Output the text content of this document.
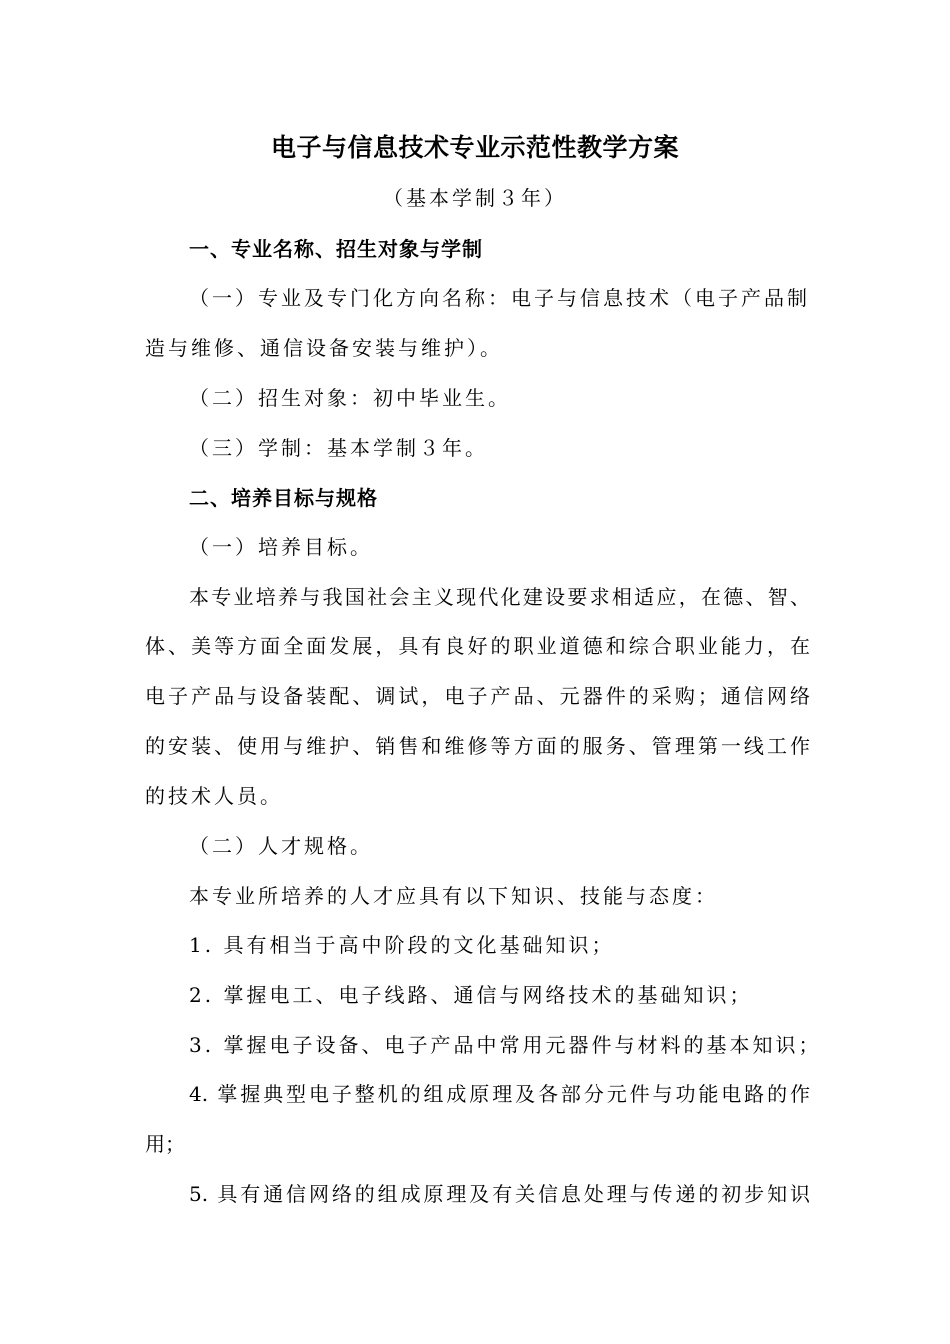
电子与信息技术专业示范性教学方案
（基本学制３年）
一、专业名称、招生对象与学制
（一）专业及专门化方向名称：电子与信息技术（电子产品制
造与维修、通信设备安装与维护）。
（二）招生对象：初中毕业生。
（三）学制：基本学制３年。
二、培养目标与规格
（一）培养目标。
本专业培养与我国社会主义现代化建设要求相适应，在德、智、
体、美等方面全面发展，具有良好的职业道德和综合职业能力，在
电子产品与设备装配、调试，电子产品、元器件的采购；通信网络
的安装、使用与维护、销售和维修等方面的服务、管理第一线工作
的技术人员。
（二）人才规格。
本专业所培养的人才应具有以下知识、技能与态度：
1. 具有相当于高中阶段的文化基础知识；
2. 掌握电工、电子线路、通信与网络技术的基础知识；
3. 掌握电子设备、电子产品中常用元器件与材料的基本知识；
4. 掌握典型电子整机的组成原理及各部分元件与功能电路的作
用；
5. 具有通信网络的组成原理及有关信息处理与传递的初步知识
